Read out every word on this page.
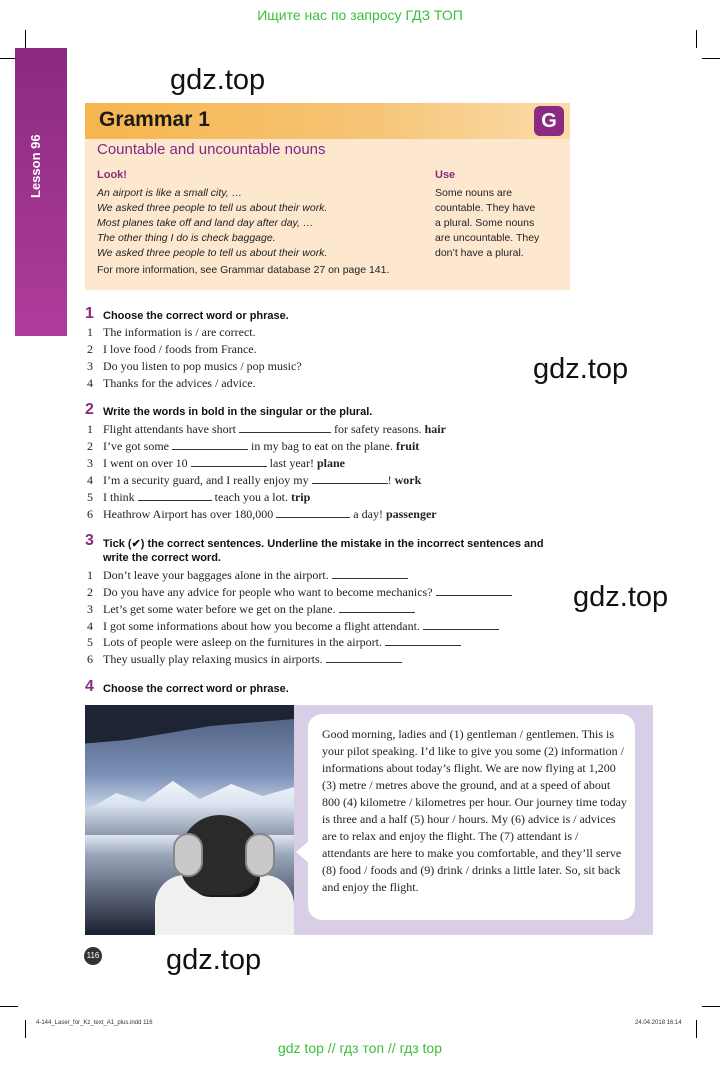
Ищите нас по запросу ГДЗ ТОП
gdz.top
gdz.top
gdz.top
gdz.top
Lesson 96
Grammar 1	G
Countable and uncountable nouns
Look!
An airport is like a small city, …
We asked three people to tell us about their work.
Most planes take off and land day after day, …
The other thing I do is check baggage.
We asked three people to tell us about their work.
Use
Some nouns are
countable. They have
a plural. Some nouns
are uncountable. They
don’t have a plural.
For more information, see Grammar database 27 on page 141.
1 Choose the correct word or phrase.
1 The information is / are correct.
2 I love food / foods from France.
3 Do you listen to pop musics / pop music?
4 Thanks for the advices / advice.
2 Write the words in bold in the singular or the plural.
1 Flight attendants have short	for safety reasons. hair
2 I’ve got some	in my bag to eat on the plane. fruit
3 I went on over 10	last year! plane
4 I’m a security guard, and I really enjoy my	! work
5 I think	teach you a lot. trip
6 Heathrow Airport has over 180,000	a day! passenger
3 Tick (✔) the correct sentences. Underline the mistake in the incorrect sentences and
write the correct word.
1 Don’t leave your baggages alone in the airport.
2 Do you have any advice for people who want to become mechanics?
3 Let’s get some water before we get on the plane.
4 I got some informations about how you become a flight attendant.
5 Lots of people were asleep on the furnitures in the airport.
6 They usually play relaxing musics in airports.
4 Choose the correct word or phrase.
Good morning, ladies and (1) gentleman / gentlemen. This is your pilot speaking. I’d like to give you some (2) information / informations about today’s flight. We are now flying at 1,200 (3) metre / metres above the ground, and at a speed of about 800 (4) kilometre / kilometres per hour. Our journey time today is three and a half (5) hour / hours. My (6) advice is / advices are to relax and enjoy the flight. The (7) attendant is / attendants are here to make you comfortable, and they’ll serve (8) food / foods and (9) drink / drinks a little later. So, sit back and enjoy the flight.
116
4-144_Laser_for_Kz_text_A1_plus.indd 116	24.04.2018 16:14
gdz top // гдз топ // гдз top
